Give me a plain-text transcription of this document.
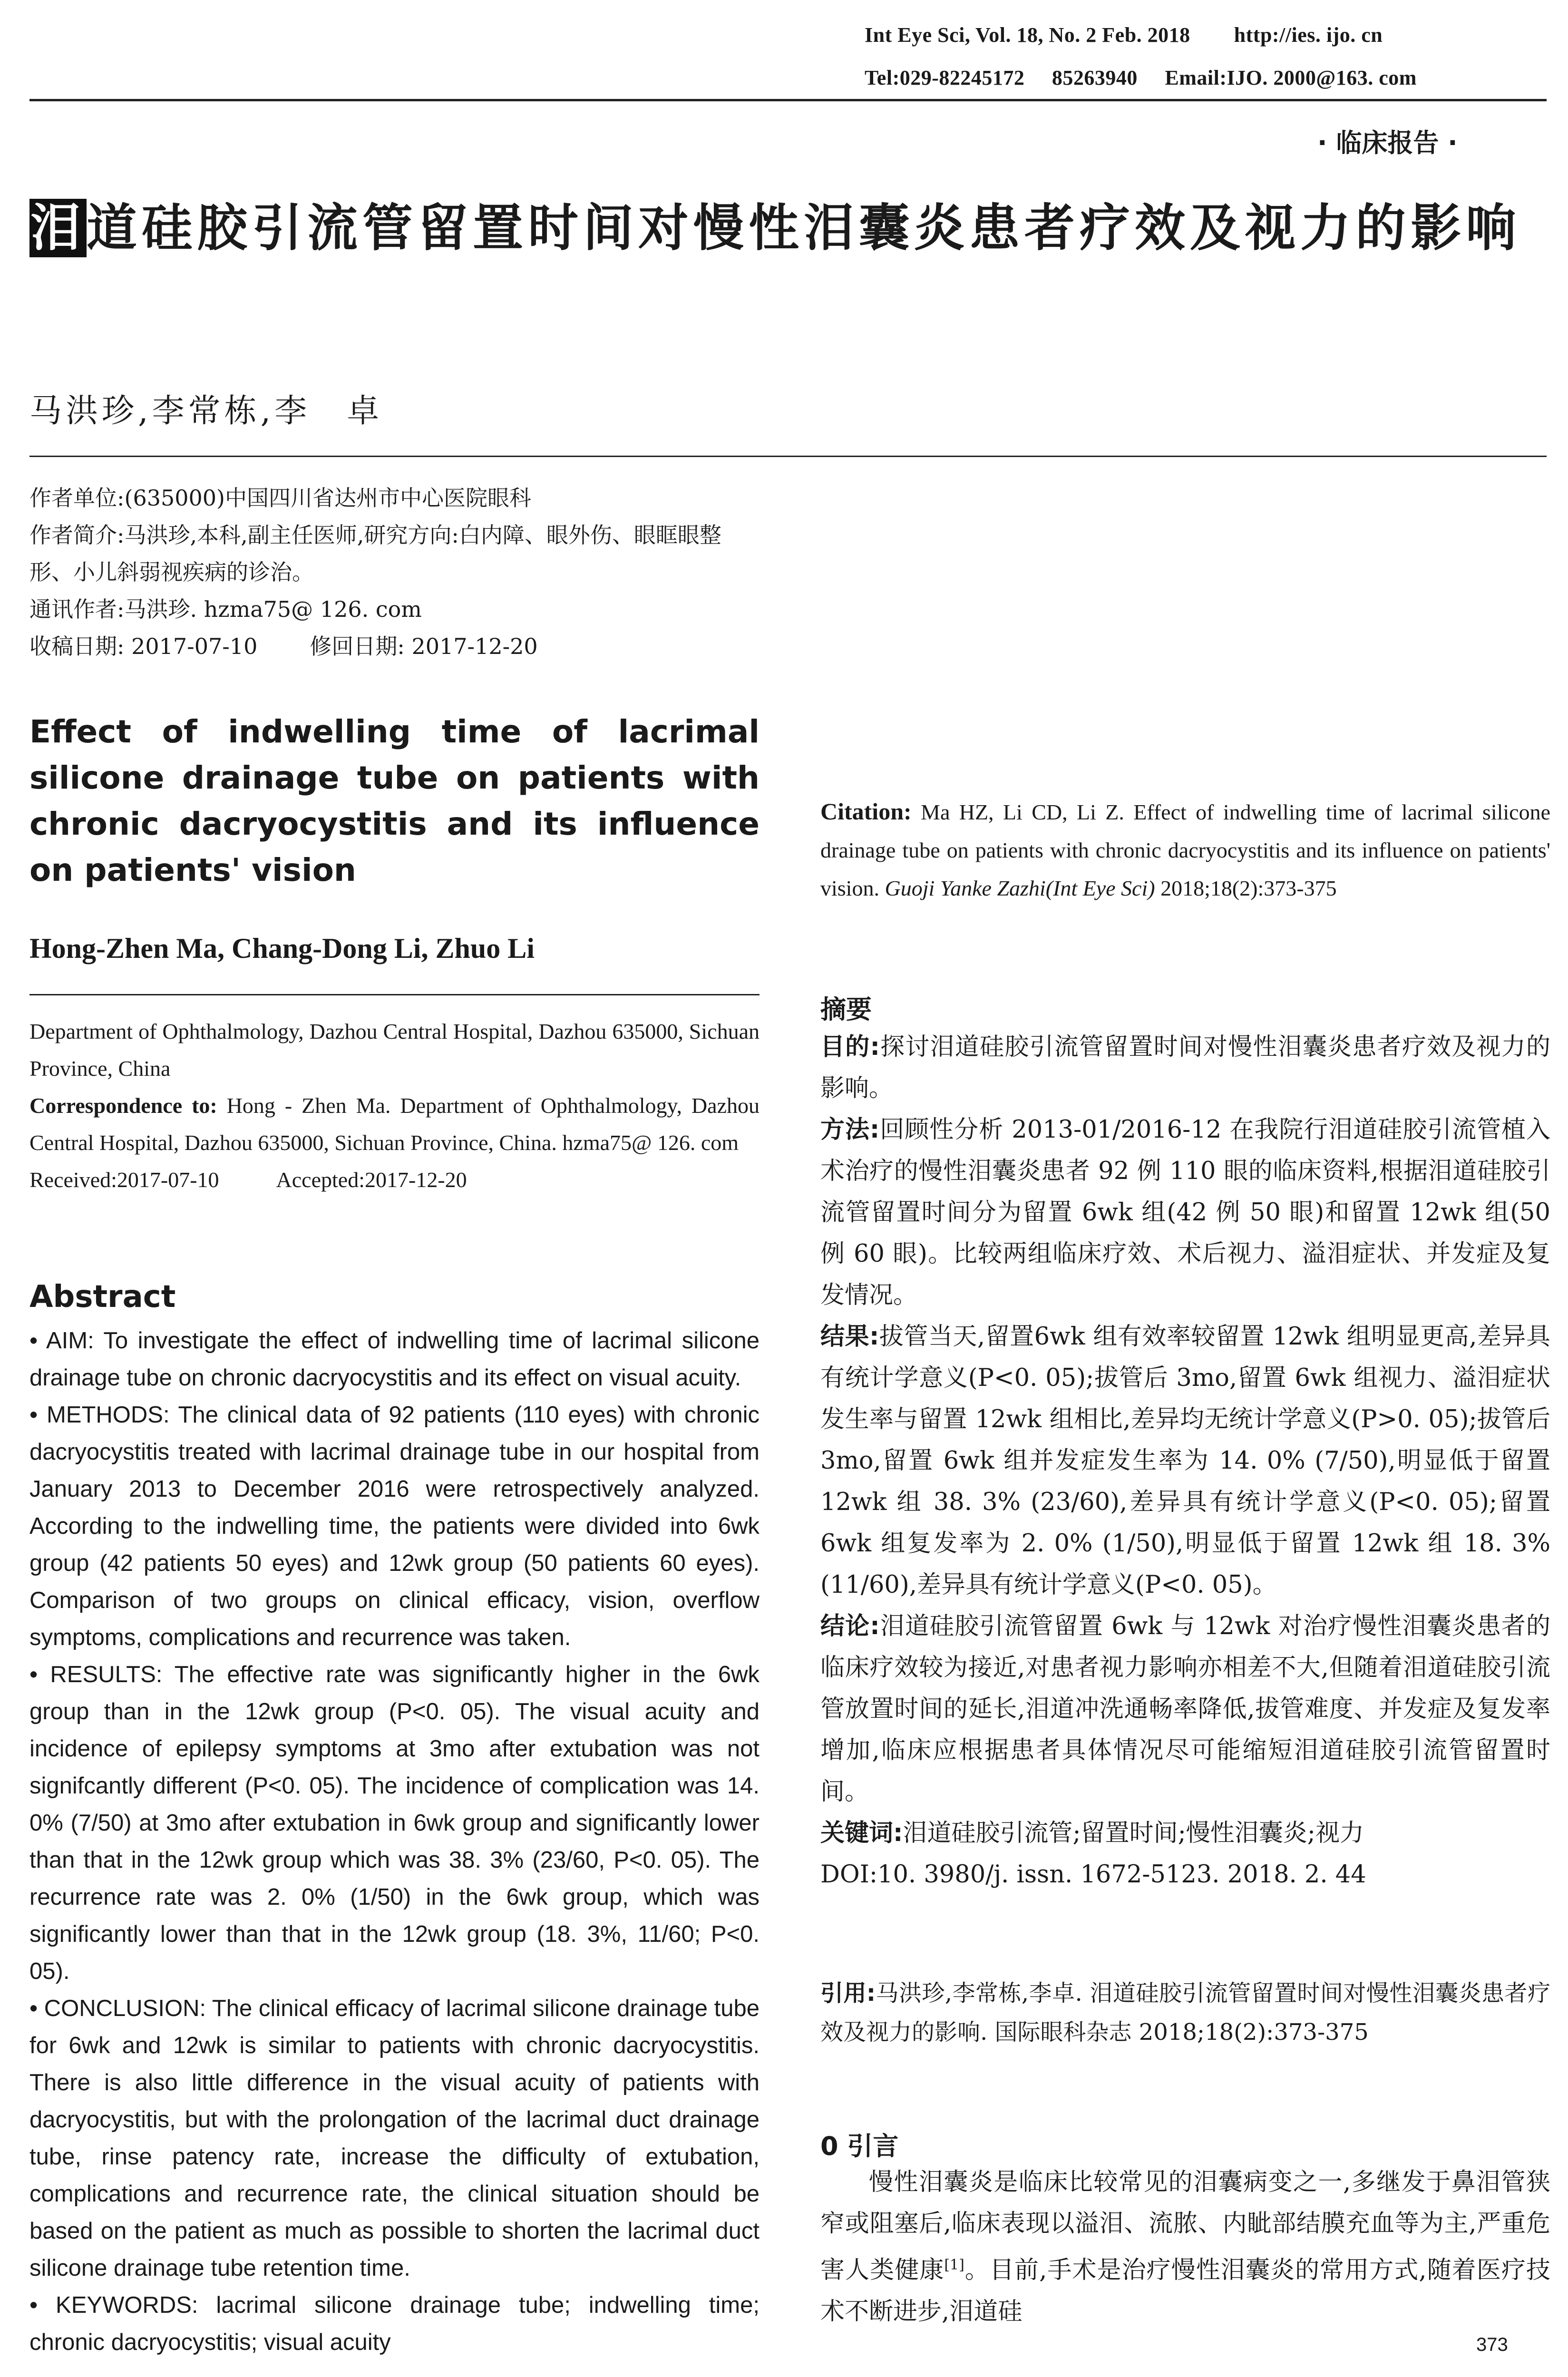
Int Eye Sci, Vol. 18, No. 2 Feb. 2018        http://ies. ijo. cn
Tel:029-82245172     85263940     Email:IJO. 2000@163. com
· 临床报告 ·
泪道硅胶引流管留置时间对慢性泪囊炎患者疗效及视力的影响
马洪珍,李常栋,李　卓
作者单位:(635000)中国四川省达州市中心医院眼科
作者简介:马洪珍,本科,副主任医师,研究方向:白内障、眼外伤、眼眶眼整形、小儿斜弱视疾病的诊治。
通讯作者:马洪珍. hzma75@ 126. com
收稿日期: 2017-07-10 修回日期: 2017-12-20
Effect of indwelling time of lacrimal silicone drainage tube on patients with chronic dacryocystitis and its influence on patients' vision
Hong-Zhen Ma, Chang-Dong Li, Zhuo Li
Department of Ophthalmology, Dazhou Central Hospital, Dazhou 635000, Sichuan Province, China
Correspondence to: Hong - Zhen Ma. Department of Ophthalmology, Dazhou Central Hospital, Dazhou 635000, Sichuan Province, China. hzma75@ 126. com
Received:2017-07-10	Accepted:2017-12-20
Abstract

• AIM: To investigate the effect of indwelling time of lacrimal silicone drainage tube on chronic dacryocystitis and its effect on visual acuity.

• METHODS: The clinical data of 92 patients (110 eyes) with chronic dacryocystitis treated with lacrimal drainage tube in our hospital from January 2013 to December 2016 were retrospectively analyzed. According to the indwelling time, the patients were divided into 6wk group (42 patients 50 eyes) and 12wk group (50 patients 60 eyes). Comparison of two groups on clinical efficacy, vision, overflow symptoms, complications and recurrence was taken.

• RESULTS: The effective rate was significantly higher in the 6wk group than in the 12wk group (P<0. 05). The visual acuity and incidence of epilepsy symptoms at 3mo after extubation was not signifcantly different (P<0. 05). The incidence of complication was 14. 0% (7/50) at 3mo after extubation in 6wk group and significantly lower than that in the 12wk group which was 38. 3% (23/60, P<0. 05). The recurrence rate was 2. 0% (1/50) in the 6wk group, which was significantly lower than that in the 12wk group (18. 3%, 11/60; P<0. 05).

• CONCLUSION: The clinical efficacy of lacrimal silicone drainage tube for 6wk and 12wk is similar to patients with chronic dacryocystitis. There is also little difference in the visual acuity of patients with dacryocystitis, but with the prolongation of the lacrimal duct drainage tube, rinse patency rate, increase the difficulty of extubation, complications and recurrence rate, the clinical situation should be based on the patient as much as possible to shorten the lacrimal duct silicone drainage tube retention time.

• KEYWORDS: lacrimal silicone drainage tube; indwelling time; chronic dacryocystitis; visual acuity

Citation: Ma HZ, Li CD, Li Z. Effect of indwelling time of lacrimal silicone drainage tube on patients with chronic dacryocystitis and its influence on patients' vision. Guoji Yanke Zazhi(Int Eye Sci) 2018;18(2):373-375
摘要

目的:探讨泪道硅胶引流管留置时间对慢性泪囊炎患者疗效及视力的影响。

方法:回顾性分析 2013-01/2016-12 在我院行泪道硅胶引流管植入术治疗的慢性泪囊炎患者 92 例 110 眼的临床资料,根据泪道硅胶引流管留置时间分为留置 6wk 组(42 例 50 眼)和留置 12wk 组(50 例 60 眼)。比较两组临床疗效、术后视力、溢泪症状、并发症及复发情况。

结果:拔管当天,留置6wk 组有效率较留置 12wk 组明显更高,差异具有统计学意义(P<0. 05);拔管后 3mo,留置 6wk 组视力、溢泪症状发生率与留置 12wk 组相比,差异均无统计学意义(P>0. 05);拔管后 3mo,留置 6wk 组并发症发生率为 14. 0% (7/50),明显低于留置 12wk 组 38. 3% (23/60),差异具有统计学意义(P<0. 05);留置 6wk 组复发率为 2. 0% (1/50),明显低于留置 12wk 组 18. 3% (11/60),差异具有统计学意义(P<0. 05)。

结论:泪道硅胶引流管留置 6wk 与 12wk 对治疗慢性泪囊炎患者的临床疗效较为接近,对患者视力影响亦相差不大,但随着泪道硅胶引流管放置时间的延长,泪道冲洗通畅率降低,拔管难度、并发症及复发率增加,临床应根据患者具体情况尽可能缩短泪道硅胶引流管留置时间。

关键词:泪道硅胶引流管;留置时间;慢性泪囊炎;视力

DOI:10. 3980/j. issn. 1672-5123. 2018. 2. 44

引用:马洪珍,李常栋,李卓. 泪道硅胶引流管留置时间对慢性泪囊炎患者疗效及视力的影响. 国际眼科杂志 2018;18(2):373-375
0 引言
慢性泪囊炎是临床比较常见的泪囊病变之一,多继发于鼻泪管狭窄或阻塞后,临床表现以溢泪、流脓、内眦部结膜充血等为主,严重危害人类健康[1]。目前,手术是治疗慢性泪囊炎的常用方式,随着医疗技术不断进步,泪道硅
373
